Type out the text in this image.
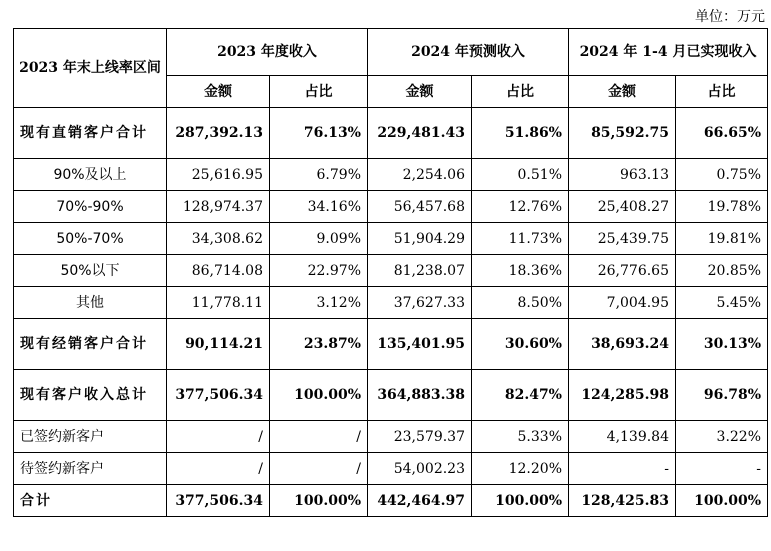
单位：万元
2023 年末上线率区间	2023 年度收入		2024 年预测收入		2024 年 1-4 月已实现收入	
	金额	占比	金额	占比	金额	占比
现有直销客户合计	287,392.13	76.13%	229,481.43	51.86%	85,592.75	66.65%
90%及以上	25,616.95	6.79%	2,254.06	0.51%	963.13	0.75%
70%-90%	128,974.37	34.16%	56,457.68	12.76%	25,408.27	19.78%
50%-70%	34,308.62	9.09%	51,904.29	11.73%	25,439.75	19.81%
50%以下	86,714.08	22.97%	81,238.07	18.36%	26,776.65	20.85%
其他	11,778.11	3.12%	37,627.33	8.50%	7,004.95	5.45%
现有经销客户合计	90,114.21	23.87%	135,401.95	30.60%	38,693.24	30.13%
现有客户收入总计	377,506.34	100.00%	364,883.38	82.47%	124,285.98	96.78%
已签约新客户	/	/	23,579.37	5.33%	4,139.84	3.22%
待签约新客户	/	/	54,002.23	12.20%	-	-
合计	377,506.34	100.00%	442,464.97	100.00%	128,425.83	100.00%
